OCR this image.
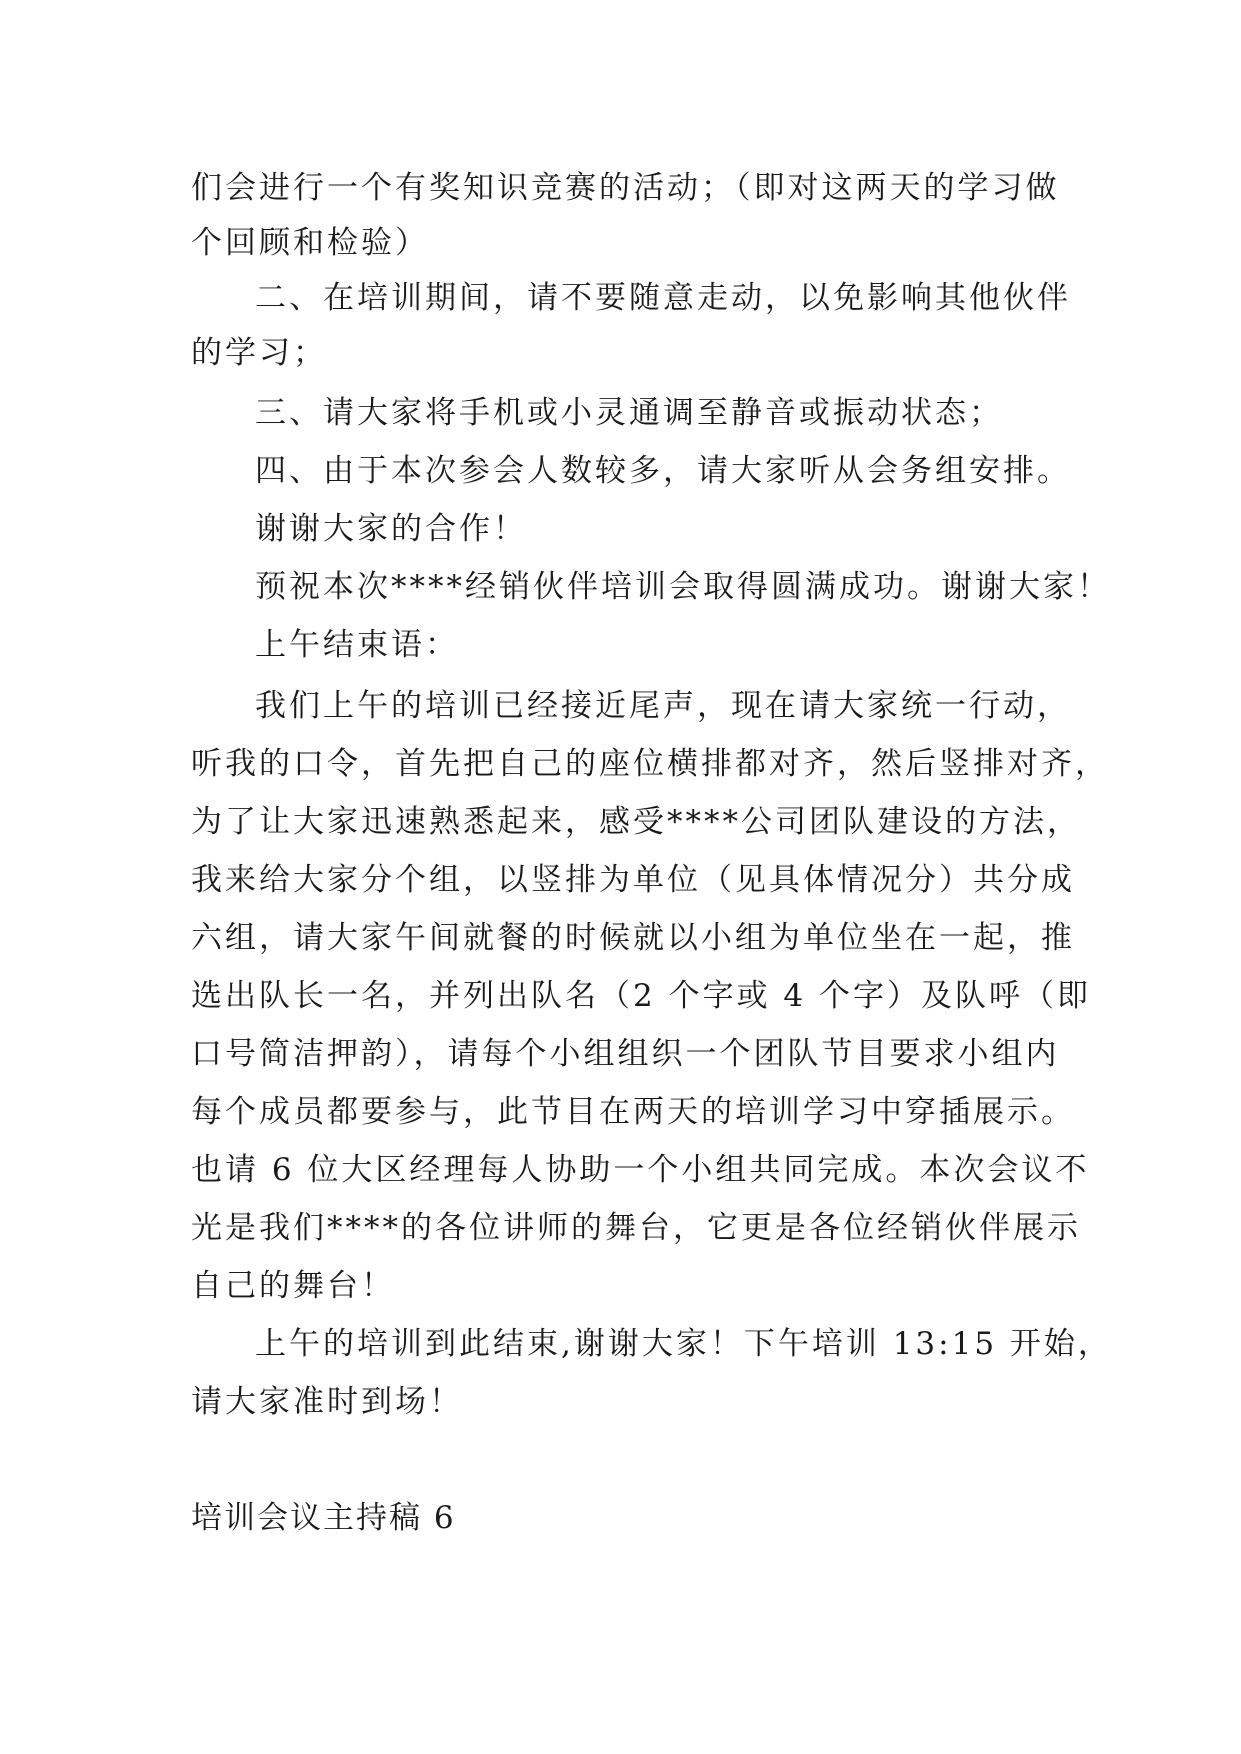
们会进行一个有奖知识竞赛的活动；（即对这两天的学习做
个回顾和检验）
二、在培训期间，请不要随意走动，以免影响其他伙伴
的学习；
三、请大家将手机或小灵通调至静音或振动状态；
四、由于本次参会人数较多，请大家听从会务组安排。
谢谢大家的合作！
预祝本次****经销伙伴培训会取得圆满成功。谢谢大家！
上午结束语：
我们上午的培训已经接近尾声，现在请大家统一行动，
听我的口令，首先把自己的座位横排都对齐，然后竖排对齐，
为了让大家迅速熟悉起来，感受****公司团队建设的方法，
我来给大家分个组，以竖排为单位（见具体情况分）共分成
六组，请大家午间就餐的时候就以小组为单位坐在一起，推
选出队长一名，并列出队名（2 个字或 4 个字）及队呼（即
口号简洁押韵），请每个小组组织一个团队节目要求小组内
每个成员都要参与，此节目在两天的培训学习中穿插展示。
也请 6 位大区经理每人协助一个小组共同完成。本次会议不
光是我们****的各位讲师的舞台，它更是各位经销伙伴展示
自己的舞台！
上午的培训到此结束,谢谢大家！下午培训 13:15 开始，
请大家准时到场！
培训会议主持稿 6
